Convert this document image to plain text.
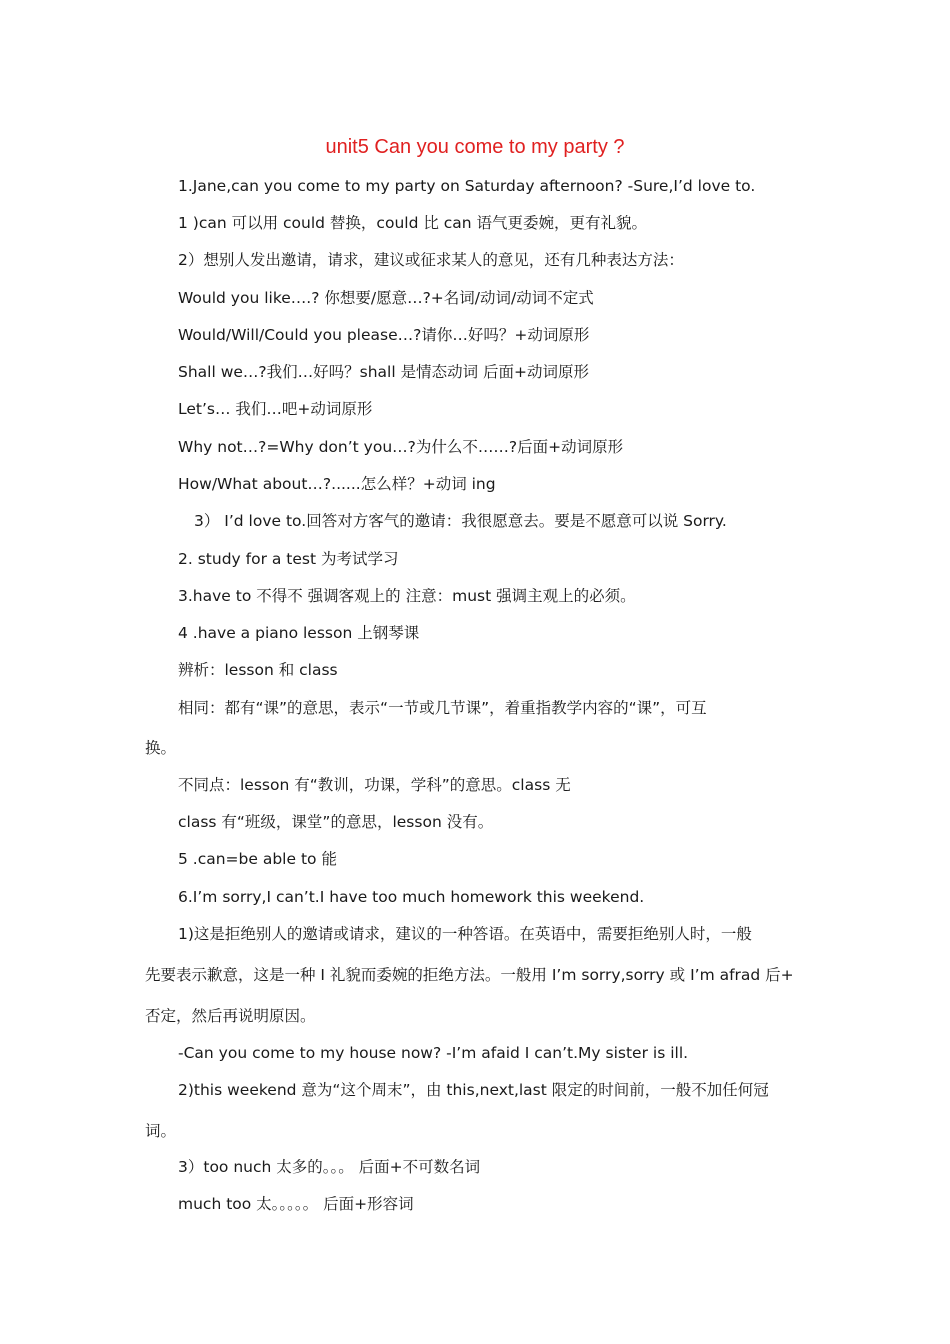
unit5 Can you come to my party ?
1.Jane,can you come to my party on Saturday afternoon? -Sure,I’d love to.
1 )can 可以用 could 替换，could 比 can 语气更委婉，更有礼貌。
2）想别人发出邀请，请求，建议或征求某人的意见，还有几种表达方法：
Would you like….? 你想要/愿意…?+名词/动词/动词不定式
Would/Will/Could you please…?请你…好吗？+动词原形
Shall we…?我们…好吗？shall 是情态动词 后面+动词原形
Let’s… 我们…吧+动词原形
Why not…?=Why don’t you…?为什么不……?后面+动词原形
How/What about…?......怎么样？+动词 ing
3） I’d love to.回答对方客气的邀请：我很愿意去。要是不愿意可以说 Sorry.
2. study for a test 为考试学习
3.have to 不得不 强调客观上的 注意：must 强调主观上的必须。
4 .have a piano lesson 上钢琴课
辨析：lesson 和 class
相同：都有“课”的意思，表示“一节或几节课”，着重指教学内容的“课”，可互
换。
不同点：lesson 有“教训，功课，学科”的意思。class 无
class 有“班级，课堂”的意思，lesson 没有。
5 .can=be able to 能
6.I’m sorry,I can’t.I have too much homework this weekend.
1)这是拒绝别人的邀请或请求，建议的一种答语。在英语中，需要拒绝别人时，一般
先要表示歉意，这是一种 I 礼貌而委婉的拒绝方法。一般用 I’m sorry,sorry 或 I’m afrad 后+
否定，然后再说明原因。
-Can you come to my house now? -I’m afaid I can’t.My sister is ill.
2)this weekend 意为“这个周末”，由 this,next,last 限定的时间前，一般不加任何冠
词。
3）too nuch 太多的。。。 后面+不可数名词
much too 太。。。。。 后面+形容词
